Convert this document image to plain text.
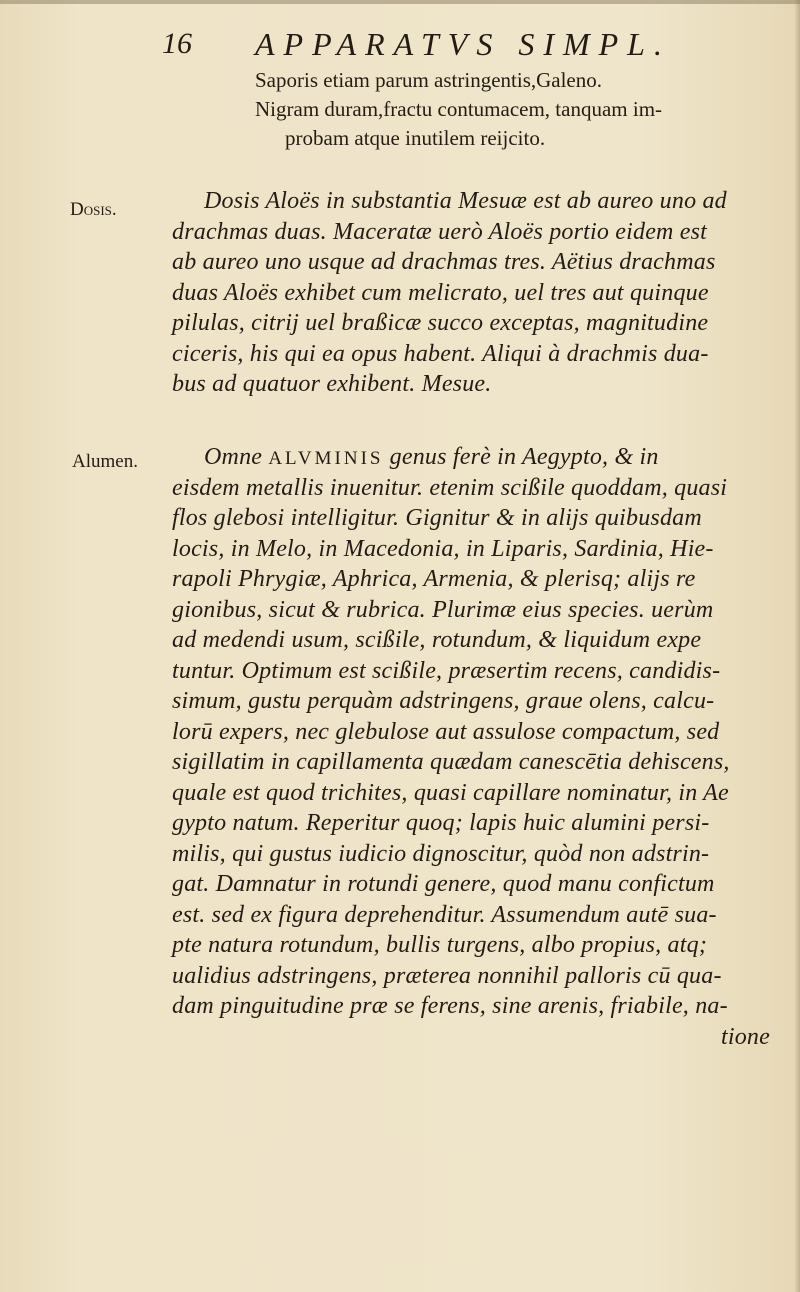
16 APPARATVS SIMPL.
Saporis etiam parum astringentis,Galeno.
Nigram duram,fractu contumacem, tanquam im-
probam atque inutilem reijcito.
Dosis.	Dosis Aloës in substantia Mesuæ est ab aureo uno ad
drachmas duas. Maceratæ uerò Aloës portio eidem est
ab aureo uno usque ad drachmas tres. Aëtius drachmas
duas Aloës exhibet cum melicrato, uel tres aut quinque
pilulas, citrij uel braßicæ succo exceptas, magnitudine
ciceris, his qui ea opus habent. Aliqui à drachmis dua-
bus ad quatuor exhibent. Mesue.
Alumen.	Omne ALVMINIS genus ferè in Aegypto, & in
eisdem metallis inuenitur. etenim scißile quoddam, quasi
flos glebosi intelligitur. Gignitur & in alijs quibusdam
locis, in Melo, in Macedonia, in Liparis, Sardinia, Hie-
rapoli Phrygiæ, Aphrica, Armenia, & plerisq; alijs re
gionibus, sicut & rubrica. Plurimæ eius species. uerùm
ad medendi usum, scißile, rotundum, & liquidum expe
tuntur. Optimum est scißile, præsertim recens, candidis-
simum, gustu perquàm adstringens, graue olens, calcu-
lorū expers, nec glebulose aut assulose compactum, sed
sigillatim in capillamenta quædam canescētia dehiscens,
quale est quod trichites, quasi capillare nominatur, in Ae
gypto natum. Reperitur quoq; lapis huic alumini persi-
milis, qui gustus iudicio dignoscitur, quòd non adstrin-
gat. Damnatur in rotundi genere, quod manu confictum
est. sed ex figura deprehenditur. Assumendum autē sua-
pte natura rotundum, bullis turgens, albo propius, atq;
ualidius adstringens, præterea nonnihil palloris cū qua-
dam pinguitudine præ se ferens, sine arenis, friabile, na-
tione
